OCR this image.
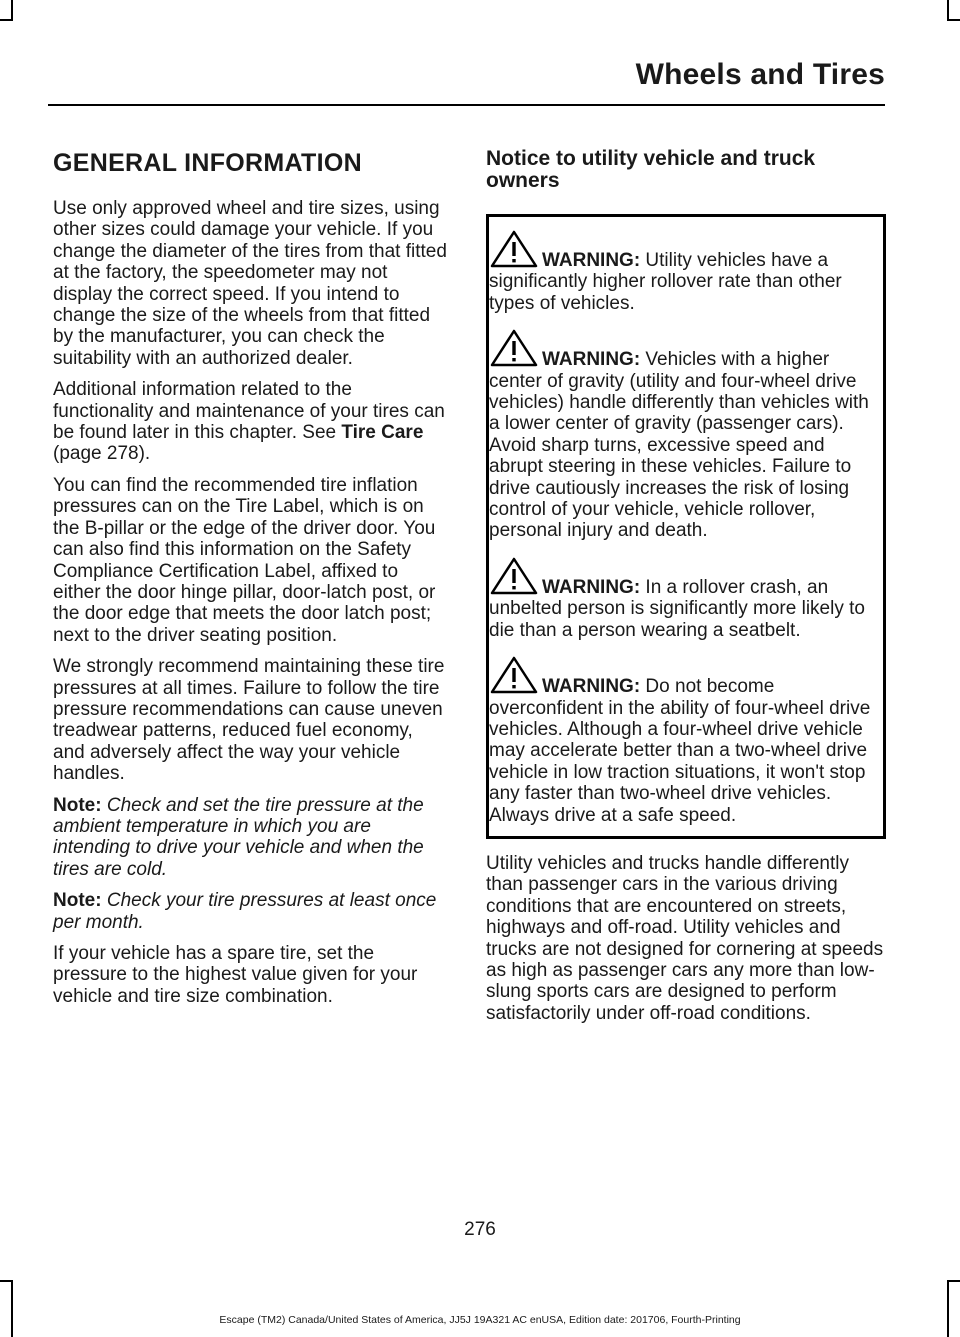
Wheels and Tires
GENERAL INFORMATION

Use only approved wheel and tire sizes, using other sizes could damage your vehicle. If you change the diameter of the tires from that fitted at the factory, the speedometer may not display the correct speed. If you intend to change the size of the wheels from that fitted by the manufacturer, you can check the suitability with an authorized dealer.

Additional information related to the functionality and maintenance of your tires can be found later in this chapter. See Tire Care (page 278).

You can find the recommended tire inflation pressures can on the Tire Label, which is on the B-pillar or the edge of the driver door. You can also find this information on the Safety Compliance Certification Label, affixed to either the door hinge pillar, door-latch post, or the door edge that meets the door latch post; next to the driver seating position.

We strongly recommend maintaining these tire pressures at all times. Failure to follow the tire pressure recommendations can cause uneven treadwear patterns, reduced fuel economy, and adversely affect the way your vehicle handles.

Note: Check and set the tire pressure at the ambient temperature in which you are intending to drive your vehicle and when the tires are cold.

Note: Check your tire pressures at least once per month.

If your vehicle has a spare tire, set the pressure to the highest value given for your vehicle and tire size combination.

Notice to utility vehicle and truck owners
WARNING: Utility vehicles have a significantly higher rollover rate than other types of vehicles.
WARNING: Vehicles with a higher center of gravity (utility and four-wheel drive vehicles) handle differently than vehicles with a lower center of gravity (passenger cars). Avoid sharp turns, excessive speed and abrupt steering in these vehicles. Failure to drive cautiously increases the risk of losing control of your vehicle, vehicle rollover, personal injury and death.
WARNING: In a rollover crash, an unbelted person is significantly more likely to die than a person wearing a seatbelt.
WARNING: Do not become overconfident in the ability of four-wheel drive vehicles. Although a four-wheel drive vehicle may accelerate better than a two-wheel drive vehicle in low traction situations, it won't stop any faster than two-wheel drive vehicles. Always drive at a safe speed.

Utility vehicles and trucks handle differently than passenger cars in the various driving conditions that are encountered on streets, highways and off-road. Utility vehicles and trucks are not designed for cornering at speeds as high as passenger cars any more than low-slung sports cars are designed to perform satisfactorily under off-road conditions.

276
Escape (TM2) Canada/United States of America, JJ5J 19A321 AC enUSA, Edition date: 201706, Fourth-Printing
